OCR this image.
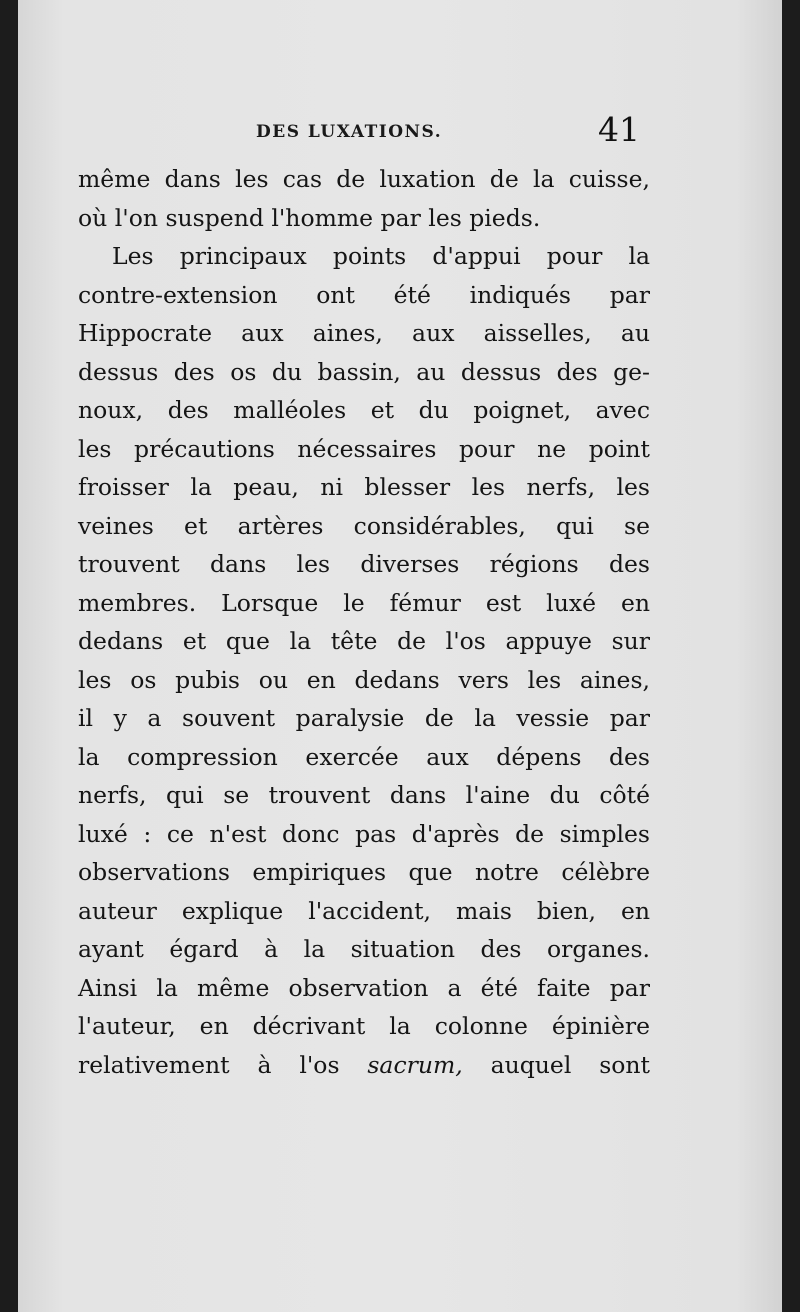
DES LUXATIONS.	41
même dans les cas de luxation de la cuisse,
où l'on suspend l'homme par les pieds.
Les principaux points d'appui pour la
contre-extension ont été indiqués par
Hippocrate aux aines, aux aisselles, au
dessus des os du bassin, au dessus des ge-
noux, des malléoles et du poignet, avec
les précautions nécessaires pour ne point
froisser la peau, ni blesser les nerfs, les
veines et artères considérables, qui se
trouvent dans les diverses régions des
membres. Lorsque le fémur est luxé en
dedans et que la tête de l'os appuye sur
les os pubis ou en dedans vers les aines,
il y a souvent paralysie de la vessie par
la compression exercée aux dépens des
nerfs, qui se trouvent dans l'aine du côté
luxé : ce n'est donc pas d'après de simples
observations empiriques que notre célèbre
auteur explique l'accident, mais bien, en
ayant égard à la situation des organes.
Ainsi la même observation a été faite par
l'auteur, en décrivant la colonne épinière
relativement à l'os sacrum, auquel sont
